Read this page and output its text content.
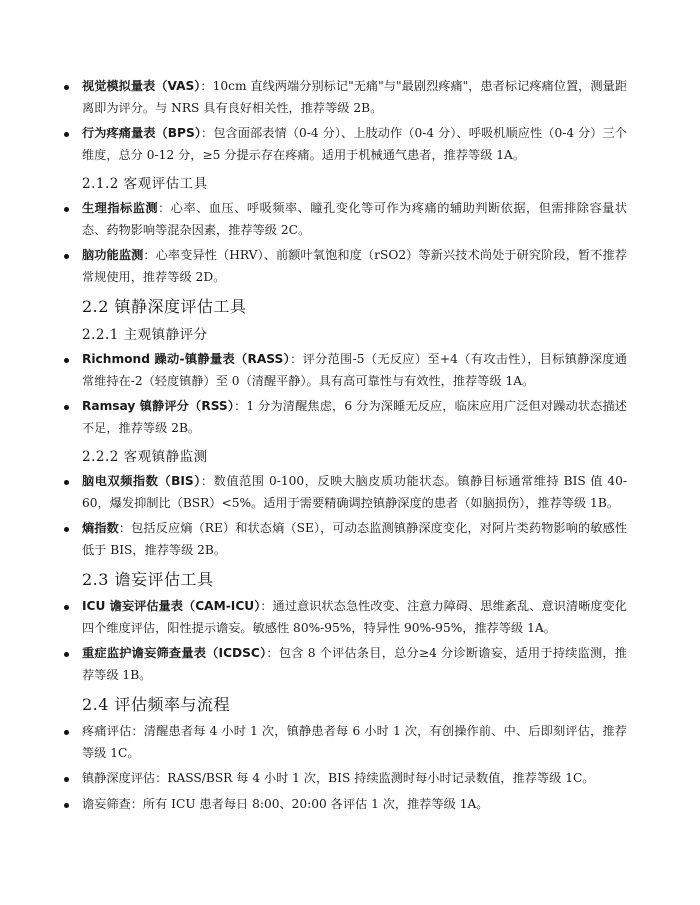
视觉模拟量表（VAS）：10cm 直线两端分别标记"无痛"与"最剧烈疼痛"，患者标记疼痛位置，测量距离即为评分。与 NRS 具有良好相关性，推荐等级 2B。
行为疼痛量表（BPS）：包含面部表情（0-4 分）、上肢动作（0-4 分）、呼吸机顺应性（0-4 分）三个维度，总分 0-12 分，≥5 分提示存在疼痛。适用于机械通气患者，推荐等级 1A。
2.1.2 客观评估工具
生理指标监测：心率、血压、呼吸频率、瞳孔变化等可作为疼痛的辅助判断依据，但需排除容量状态、药物影响等混杂因素，推荐等级 2C。
脑功能监测：心率变异性（HRV）、前额叶氧饱和度（rSO2）等新兴技术尚处于研究阶段，暂不推荐常规使用，推荐等级 2D。
2.2 镇静深度评估工具
2.2.1 主观镇静评分
Richmond 躁动-镇静量表（RASS）：评分范围-5（无反应）至+4（有攻击性），目标镇静深度通常维持在-2（轻度镇静）至 0（清醒平静）。具有高可靠性与有效性，推荐等级 1A。
Ramsay 镇静评分（RSS）：1 分为清醒焦虑，6 分为深睡无反应，临床应用广泛但对躁动状态描述不足，推荐等级 2B。
2.2.2 客观镇静监测
脑电双频指数（BIS）：数值范围 0-100，反映大脑皮质功能状态。镇静目标通常维持 BIS 值 40-60，爆发抑制比（BSR）<5%。适用于需要精确调控镇静深度的患者（如脑损伤），推荐等级 1B。
熵指数：包括反应熵（RE）和状态熵（SE），可动态监测镇静深度变化，对阿片类药物影响的敏感性低于 BIS，推荐等级 2B。
2.3 谵妄评估工具
ICU 谵妄评估量表（CAM-ICU）：通过意识状态急性改变、注意力障碍、思维紊乱、意识清晰度变化四个维度评估，阳性提示谵妄。敏感性 80%-95%，特异性 90%-95%，推荐等级 1A。
重症监护谵妄筛查量表（ICDSC）：包含 8 个评估条目，总分≥4 分诊断谵妄，适用于持续监测，推荐等级 1B。
2.4 评估频率与流程
疼痛评估：清醒患者每 4 小时 1 次，镇静患者每 6 小时 1 次，有创操作前、中、后即刻评估，推荐等级 1C。
镇静深度评估：RASS/BSR 每 4 小时 1 次，BIS 持续监测时每小时记录数值，推荐等级 1C。
谵妄筛查：所有 ICU 患者每日 8:00、20:00 各评估 1 次，推荐等级 1A。
